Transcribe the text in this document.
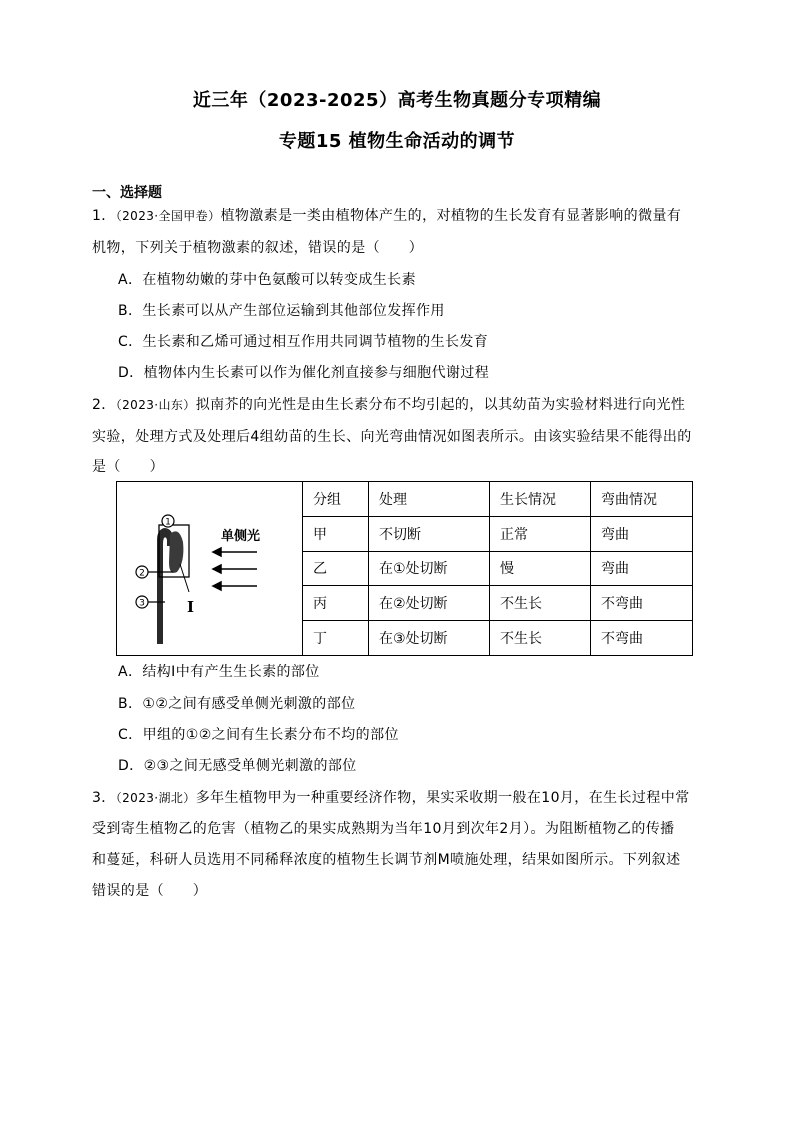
近三年（2023-2025）高考生物真题分专项精编
专题15 植物生命活动的调节
一、选择题
1．（2023·全国甲卷）植物激素是一类由植物体产生的，对植物的生长发育有显著影响的微量有
机物，下列关于植物激素的叙述，错误的是（　　）
A．在植物幼嫩的芽中色氨酸可以转变成生长素
B．生长素可以从产生部位运输到其他部位发挥作用
C．生长素和乙烯可通过相互作用共同调节植物的生长发育
D．植物体内生长素可以作为催化剂直接参与细胞代谢过程
2．（2023·山东）拟南芥的向光性是由生长素分布不均引起的，以其幼苗为实验材料进行向光性
实验，处理方式及处理后4组幼苗的生长、向光弯曲情况如图表所示。由该实验结果不能得出的
是（　　）
1
2
3 I
单侧光	分组	处理	生长情况	弯曲情况
	甲	不切断	正常	弯曲
	乙	在①处切断	慢	弯曲
	丙	在②处切断	不生长	不弯曲
	丁	在③处切断	不生长	不弯曲
A．结构I中有产生生长素的部位
B．①②之间有感受单侧光刺激的部位
C．甲组的①②之间有生长素分布不均的部位
D．②③之间无感受单侧光刺激的部位
3．（2023·湖北）多年生植物甲为一种重要经济作物，果实采收期一般在10月，在生长过程中常
受到寄生植物乙的危害（植物乙的果实成熟期为当年10月到次年2月）。为阻断植物乙的传播
和蔓延，科研人员选用不同稀释浓度的植物生长调节剂M喷施处理，结果如图所示。下列叙述
错误的是（　　）
